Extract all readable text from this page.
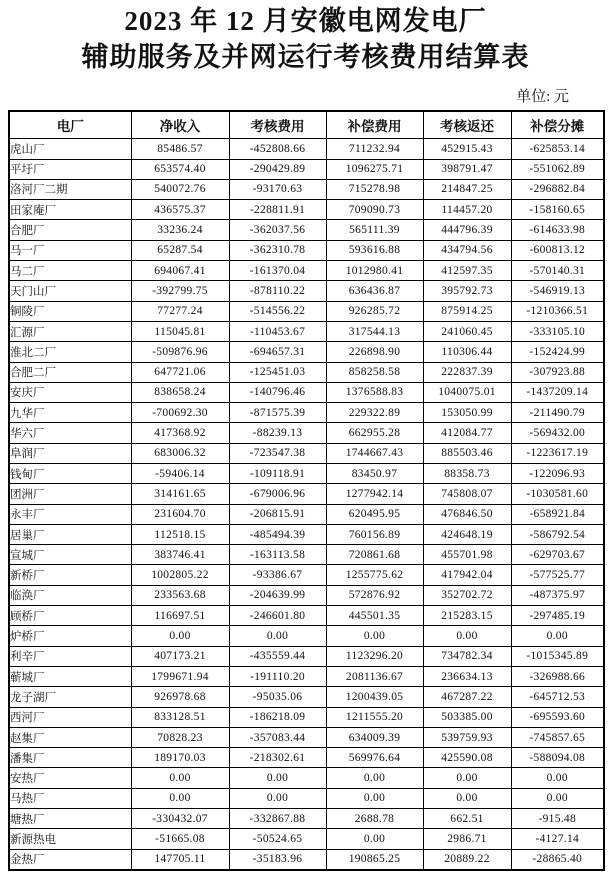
2023 年 12 月安徽电网发电厂
辅助服务及并网运行考核费用结算表
单位: 元
电厂	净收入	考核费用	补偿费用	考核返还	补偿分摊
虎山厂	85486.57	-452808.66	711232.94	452915.43	-625853.14
平圩厂	653574.40	-290429.89	1096275.71	398791.47	-551062.89
洛河厂二期	540072.76	-93170.63	715278.98	214847.25	-296882.84
田家庵厂	436575.37	-228811.91	709090.73	114457.20	-158160.65
合肥厂	33236.24	-362037.56	565111.39	444796.39	-614633.98
马一厂	65287.54	-362310.78	593616.88	434794.56	-600813.12
马二厂	694067.41	-161370.04	1012980.41	412597.35	-570140.31
天门山厂	-392799.75	-878110.22	636436.87	395792.73	-546919.13
铜陵厂	77277.24	-514556.22	926285.72	875914.25	-1210366.51
汇源厂	115045.81	-110453.67	317544.13	241060.45	-333105.10
淮北二厂	-509876.96	-694657.31	226898.90	110306.44	-152424.99
合肥二厂	647721.06	-125451.03	858258.58	222837.39	-307923.88
安庆厂	838658.24	-140796.46	1376588.83	1040075.01	-1437209.14
九华厂	-700692.30	-871575.39	229322.89	153050.99	-211490.79
华六厂	417368.92	-88239.13	662955.28	412084.77	-569432.00
阜润厂	683006.32	-723547.38	1744667.43	885503.46	-1223617.19
钱甸厂	-59406.14	-109118.91	83450.97	88358.73	-122096.93
团洲厂	314161.65	-679006.96	1277942.14	745808.07	-1030581.60
永丰厂	231604.70	-206815.91	620495.95	476846.50	-658921.84
居巢厂	112518.15	-485494.39	760156.89	424648.19	-586792.54
宣城厂	383746.41	-163113.58	720861.68	455701.98	-629703.67
新桥厂	1002805.22	-93386.67	1255775.62	417942.04	-577525.77
临涣厂	233563.68	-204639.99	572876.92	352702.72	-487375.97
顾桥厂	116697.51	-246601.80	445501.35	215283.15	-297485.19
炉桥厂	0.00	0.00	0.00	0.00	0.00
利辛厂	407173.21	-435559.44	1123296.20	734782.34	-1015345.89
蕲城厂	1799671.94	-191110.20	2081136.67	236634.13	-326988.66
龙子湖厂	926978.68	-95035.06	1200439.05	467287.22	-645712.53
西河厂	833128.51	-186218.09	1211555.20	503385.00	-695593.60
赵集厂	70828.23	-357083.44	634009.39	539759.93	-745857.65
潘集厂	189170.03	-218302.61	569976.64	425590.08	-588094.08
安热厂	0.00	0.00	0.00	0.00	0.00
马热厂	0.00	0.00	0.00	0.00	0.00
塘热厂	-330432.07	-332867.88	2688.78	662.51	-915.48
新源热电	-51665.08	-50524.65	0.00	2986.71	-4127.14
金热厂	147705.11	-35183.96	190865.25	20889.22	-28865.40
